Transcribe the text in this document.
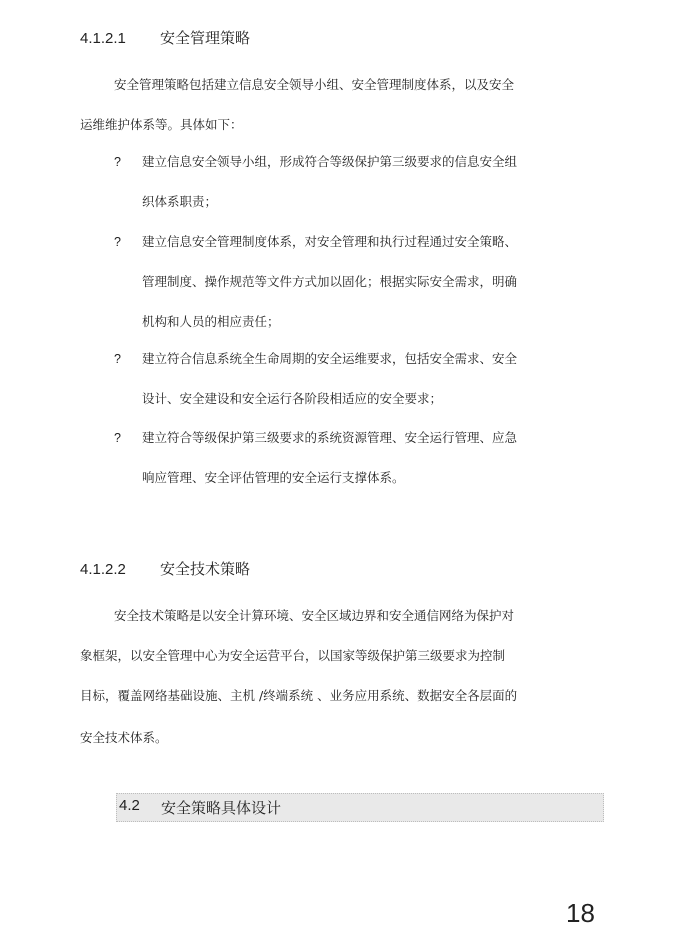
4.1.2.1 安全管理策略
安全管理策略包括建立信息安全领导小组、安全管理制度体系，以及安全
运维维护体系等。具体如下：
? 建立信息安全领导小组，形成符合等级保护第三级要求的信息安全组
织体系职责；
? 建立信息安全管理制度体系，对安全管理和执行过程通过安全策略、
管理制度、操作规范等文件方式加以固化；根据实际安全需求，明确
机构和人员的相应责任；
? 建立符合信息系统全生命周期的安全运维要求，包括安全需求、安全
设计、安全建设和安全运行各阶段相适应的安全要求；
? 建立符合等级保护第三级要求的系统资源管理、安全运行管理、应急
响应管理、安全评估管理的安全运行支撑体系。
4.1.2.2 安全技术策略
安全技术策略是以安全计算环境、安全区域边界和安全通信网络为保护对
象框架，以安全管理中心为安全运营平台，以国家等级保护第三级要求为控制
目标，覆盖网络基础设施、主机 /终端系统 、业务应用系统、数据安全各层面的
安全技术体系。
4.2 安全策略具体设计
18
